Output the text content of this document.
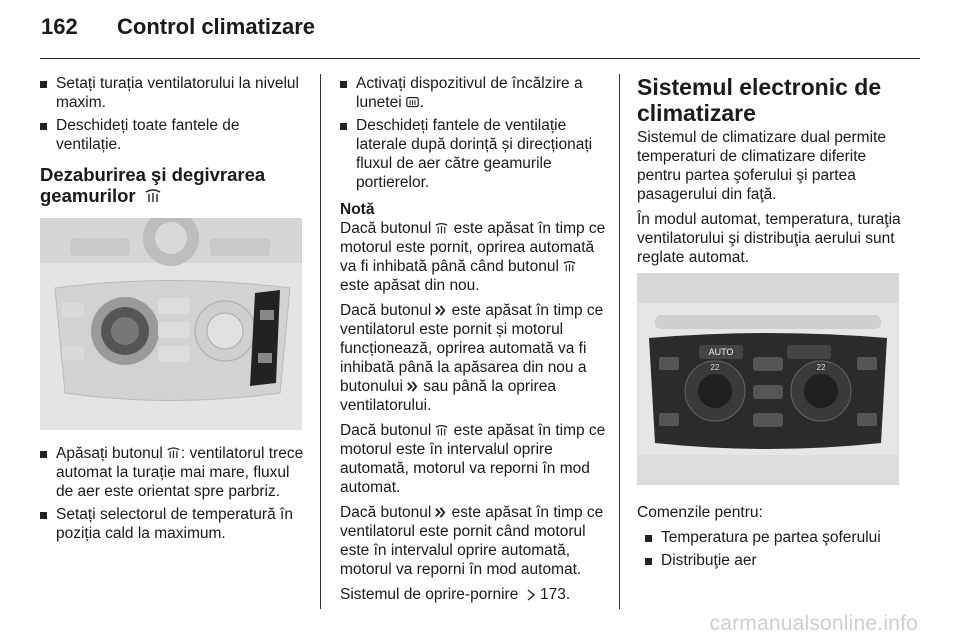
162	Control climatizare
Setați turația ventilatorului la nivelul maxim.
Deschideți toate fantele de ventilație.
Dezaburirea şi degivrarea geamurilor
Apăsați butonul : ventilatorul trece automat la turație mai mare, fluxul de aer este orientat spre parbriz.
Setați selectorul de temperatură în poziția cald la maximum.
Activați dispozitivul de încălzire a lunetei .
Deschideți fantele de ventilație laterale după dorință și direcționați fluxul de aer către geamurile portierelor.
Notă

Dacă butonul este apăsat în timp ce motorul este pornit, oprirea automată va fi inhibată până când butonul este apăsat din nou.

Dacă butonul este apăsat în timp ce ventilatorul este pornit și motorul funcționează, oprirea automată va fi inhibată până la apăsarea din nou a butonului sau până la oprirea ventilatorului.

Dacă butonul este apăsat în timp ce motorul este în intervalul oprire automată, motorul va reporni în mod automat.

Dacă butonul este apăsat în timp ce ventilatorul este pornit când motorul este în intervalul oprire automată, motorul va reporni în mod automat.

Sistemul de oprire-pornire 173.

Sistemul electronic de climatizare

Sistemul de climatizare dual permite temperaturi de climatizare diferite pentru partea şoferului şi partea pasagerului din faţă.

În modul automat, temperatura, turaţia ventilatorului şi distribuţia aerului sunt reglate automat.

AUTO
22	22

Comenzile pentru:

Temperatura pe partea şoferului
Distribuţie aer
carmanualsonline.info
